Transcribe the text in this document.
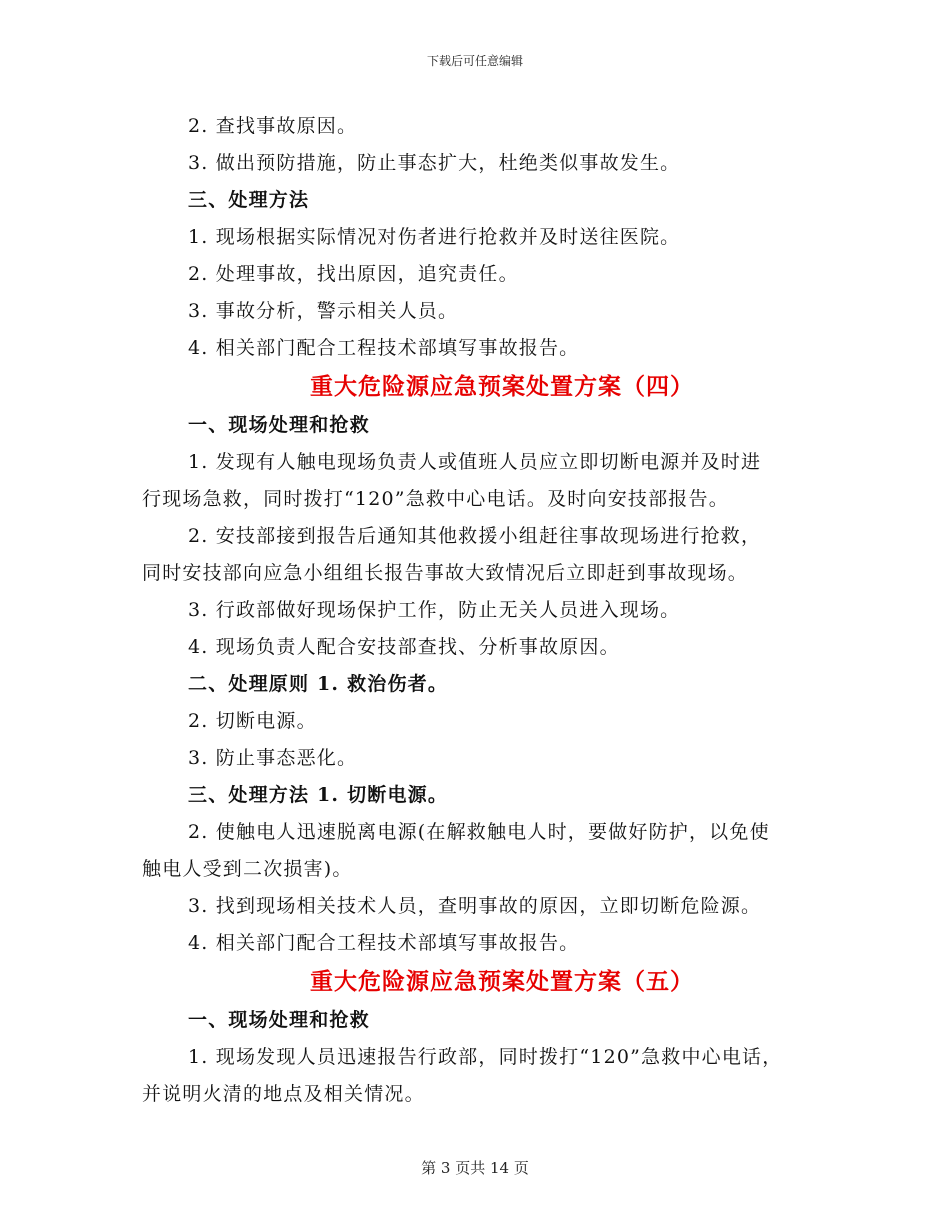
下载后可任意编辑
2. 查找事故原因。
3. 做出预防措施，防止事态扩大，杜绝类似事故发生。
三、处理方法
1. 现场根据实际情况对伤者进行抢救并及时送往医院。
2. 处理事故，找出原因，追究责任。
3. 事故分析，警示相关人员。
4. 相关部门配合工程技术部填写事故报告。
重大危险源应急预案处置方案（四）
一、现场处理和抢救
1. 发现有人触电现场负责人或值班人员应立即切断电源并及时进
行现场急救，同时拨打“120”急救中心电话。及时向安技部报告。
2. 安技部接到报告后通知其他救援小组赶往事故现场进行抢救，
同时安技部向应急小组组长报告事故大致情况后立即赶到事故现场。
3. 行政部做好现场保护工作，防止无关人员进入现场。
4. 现场负责人配合安技部查找、分析事故原因。
二、处理原则 1. 救治伤者。
2. 切断电源。
3. 防止事态恶化。
三、处理方法 1. 切断电源。
2. 使触电人迅速脱离电源(在解救触电人时，要做好防护，以免使
触电人受到二次损害)。
3. 找到现场相关技术人员，查明事故的原因，立即切断危险源。
4. 相关部门配合工程技术部填写事故报告。
重大危险源应急预案处置方案（五）
一、现场处理和抢救
1. 现场发现人员迅速报告行政部，同时拨打“120”急救中心电话，
并说明火清的地点及相关情况。
第 3 页共 14 页
